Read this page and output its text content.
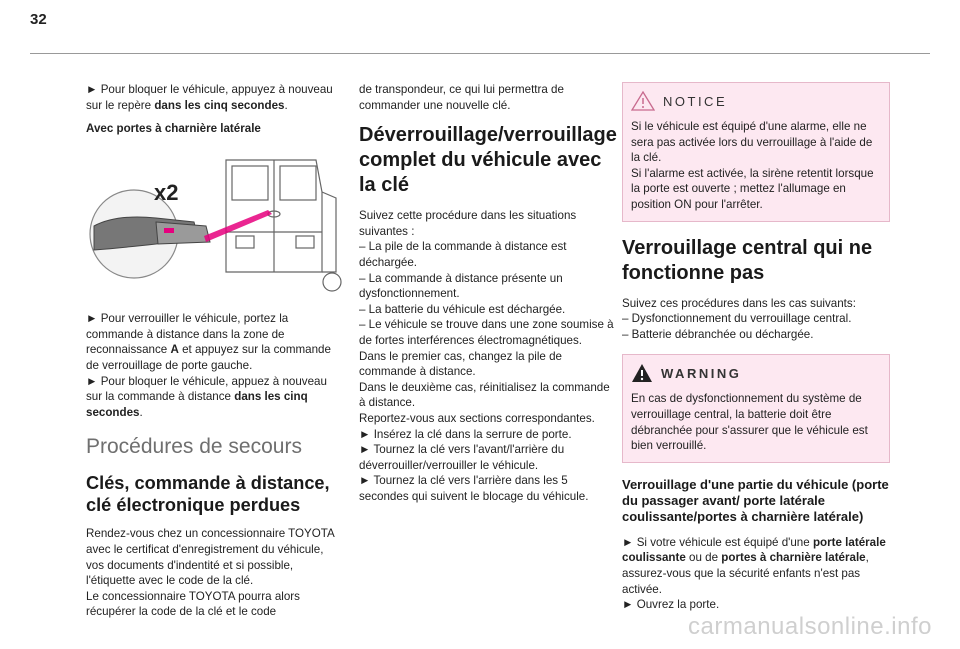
32

► Pour bloquer le véhicule, appuyez à nouveau sur le repère dans les cinq secondes.

Avec portes à charnière latérale
x2

► Pour verrouiller le véhicule, portez la commande à distance dans la zone de reconnaissance A et appuyez sur la commande de verrouillage de porte gauche.
► Pour bloquer le véhicule, appuez à nouveau sur la commande à distance dans les cinq secondes.

Procédures de secours
Clés, commande à distance, clé électronique perdues

Rendez-vous chez un concessionnaire TOYOTA avec le certificat d'enregistrement du véhicule, vos documents d'indentité et si possible, l'étiquette avec le code de la clé.
Le concessionnaire TOYOTA pourra alors récupérer la code de la clé et le code

de transpondeur, ce qui lui permettra de commander une nouvelle clé.

Déverrouillage/verrouillage complet du véhicule avec la clé

Suivez cette procédure dans les situations suivantes :
– La pile de la commande à distance est déchargée.
– La commande à distance présente un dysfonctionnement.
– La batterie du véhicule est déchargée.
– Le véhicule se trouve dans une zone soumise à de fortes interférences électromagnétiques.
Dans le premier cas, changez la pile de commande à distance.
Dans le deuxième cas, réinitialisez la commande à distance.
Reportez-vous aux sections correspondantes.
► Insérez la clé dans la serrure de porte.
► Tournez la clé vers l'avant/l'arrière du déverrouiller/verrouiller le véhicule.
► Tournez la clé vers l'arrière dans les 5 secondes qui suivent le blocage du véhicule.

NOTICE

Si le véhicule est équipé d'une alarme, elle ne sera pas activée lors du verrouillage à l'aide de la clé.
Si l'alarme est activée, la sirène retentit lorsque la porte est ouverte ; mettez l'allumage en position ON pour l'arrêter.

Verrouillage central qui ne fonctionne pas

Suivez ces procédures dans les cas suivants:
– Dysfonctionnement du verrouillage central.
– Batterie débranchée ou déchargée.

WARNING

En cas de dysfonctionnement du système de verrouillage central, la batterie doit être débranchée pour s'assurer que le véhicule est bien verrouillé.

Verrouillage d'une partie du véhicule (porte du passager avant/ porte latérale coulissante/portes à charnière latérale)

► Si votre véhicule est équipé d'une porte latérale coulissante ou de portes à charnière latérale, assurez-vous que la sécurité enfants n'est pas activée.
► Ouvrez la porte.

carmanualsonline.info
